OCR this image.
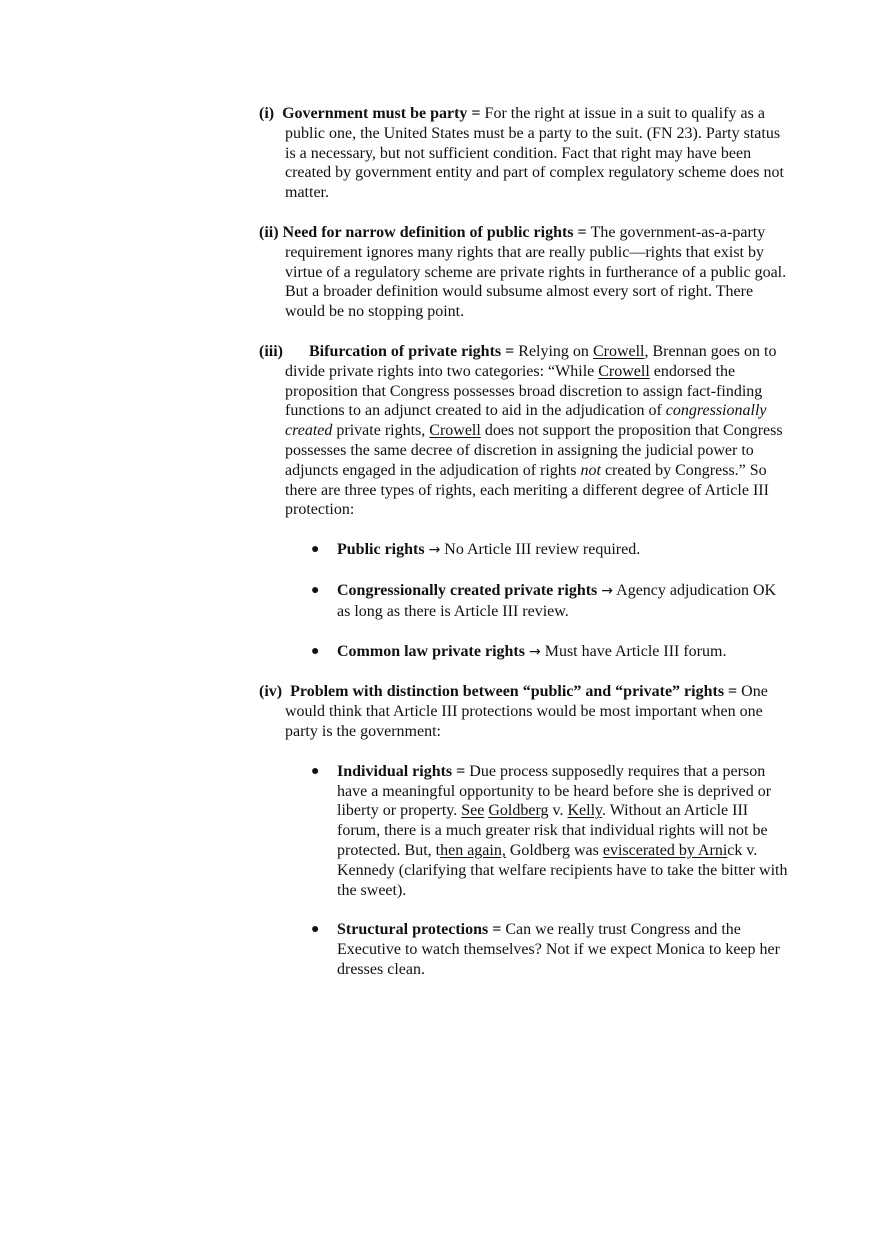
(i) Government must be party = For the right at issue in a suit to qualify as a public one, the United States must be a party to the suit. (FN 23). Party status is a necessary, but not sufficient condition. Fact that right may have been created by government entity and part of complex regulatory scheme does not matter.
(ii) Need for narrow definition of public rights = The government-as-a-party requirement ignores many rights that are really public—rights that exist by virtue of a regulatory scheme are private rights in furtherance of a public goal. But a broader definition would subsume almost every sort of right. There would be no stopping point.
(iii) Bifurcation of private rights = Relying on Crowell, Brennan goes on to divide private rights into two categories: “While Crowell endorsed the proposition that Congress possesses broad discretion to assign fact-finding functions to an adjunct created to aid in the adjudication of congressionally created private rights, Crowell does not support the proposition that Congress possesses the same decree of discretion in assigning the judicial power to adjuncts engaged in the adjudication of rights not created by Congress.” So there are three types of rights, each meriting a different degree of Article III protection:
● Public rights → No Article III review required.
● Congressionally created private rights → Agency adjudication OK as long as there is Article III review.
● Common law private rights → Must have Article III forum.
(iv) Problem with distinction between “public” and “private” rights = One would think that Article III protections would be most important when one party is the government:
● Individual rights = Due process supposedly requires that a person have a meaningful opportunity to be heard before she is deprived or liberty or property. See Goldberg v. Kelly. Without an Article III forum, there is a much greater risk that individual rights will not be protected. But, then again, Goldberg was eviscerated by Arnick v. Kennedy (clarifying that welfare recipients have to take the bitter with the sweet).
● Structural protections = Can we really trust Congress and the Executive to watch themselves? Not if we expect Monica to keep her dresses clean.
